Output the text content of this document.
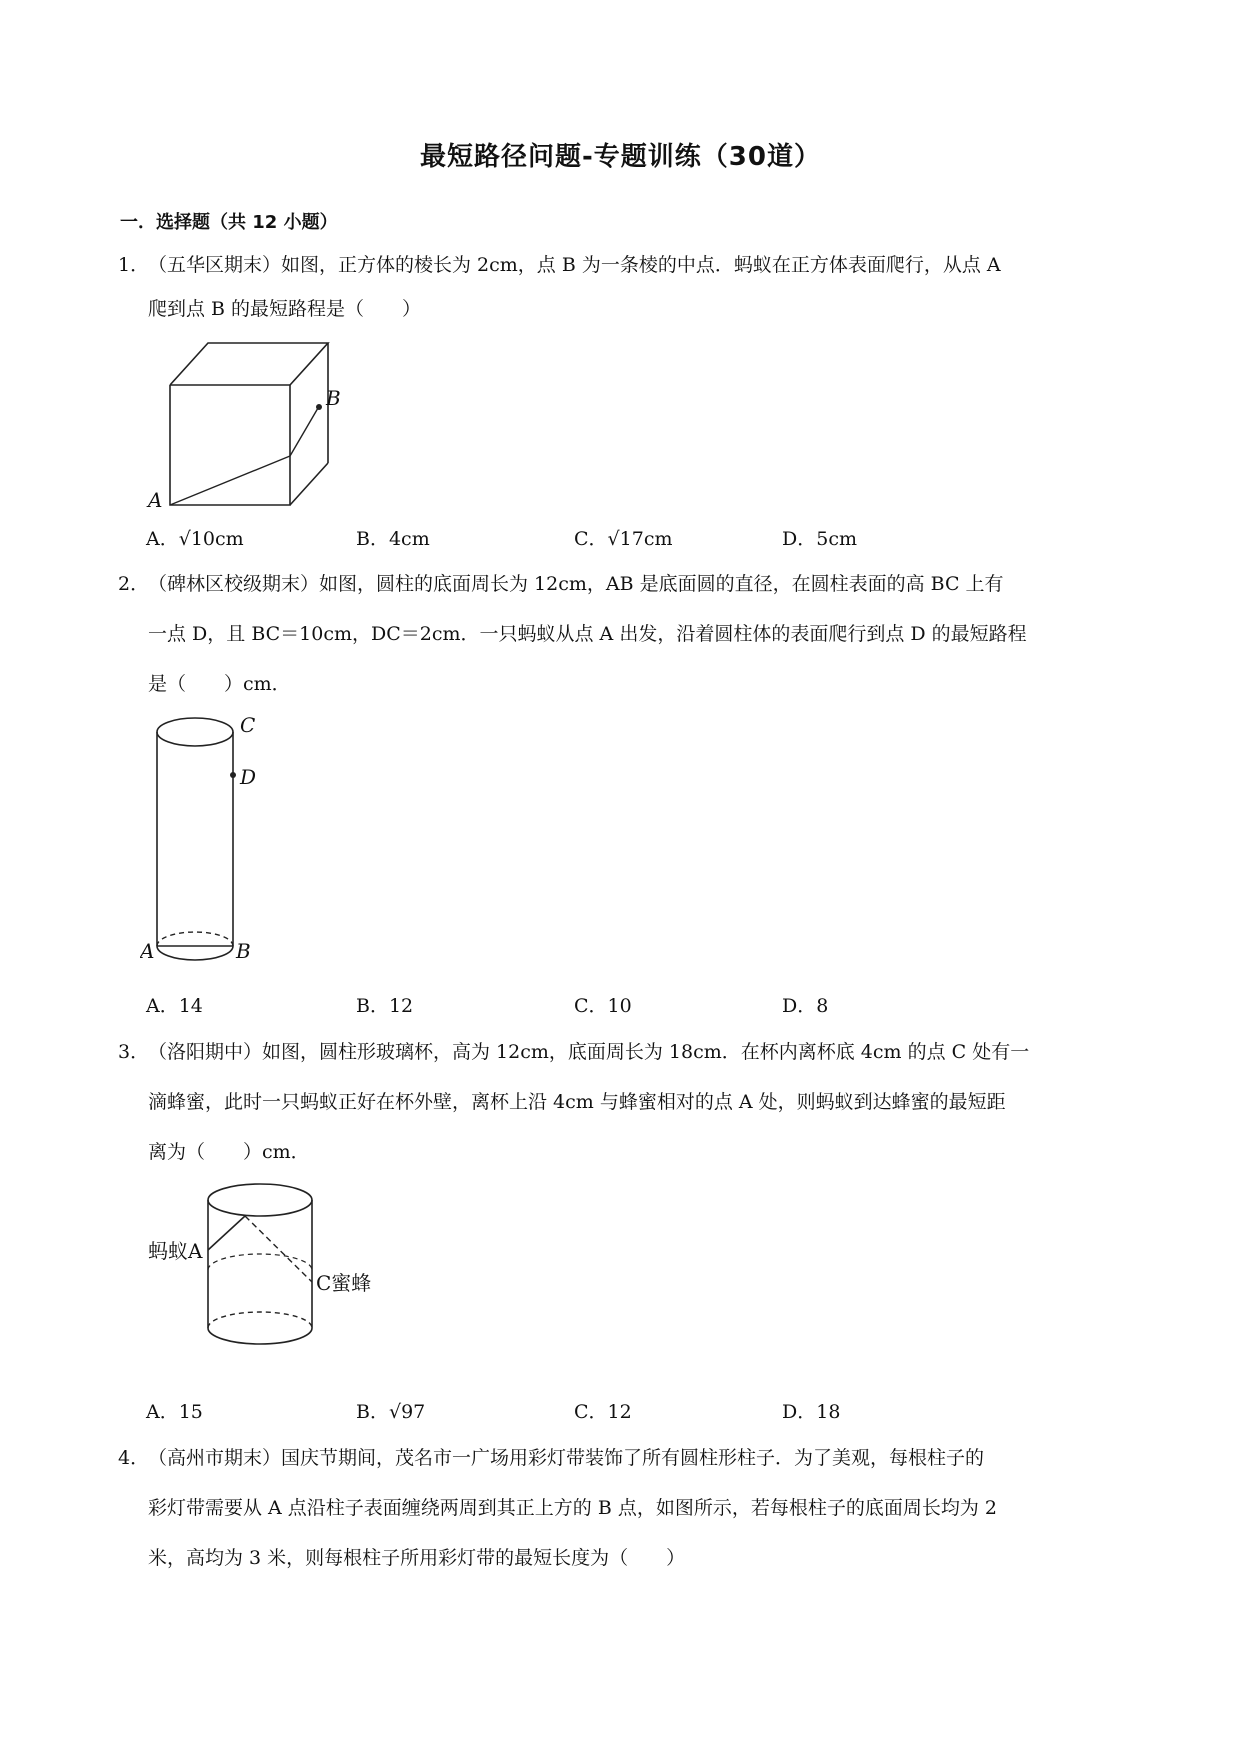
最短路径问题-专题训练（30道）
一．选择题（共 12 小题）
1．（五华区期末）如图，正方体的棱长为 2cm，点 B 为一条棱的中点．蚂蚁在正方体表面爬行，从点 A
爬到点 B 的最短路程是（　　）
A
B
A．√10cm	B．4cm	C．√17cm	D．5cm
2．（碑林区校级期末）如图，圆柱的底面周长为 12cm，AB 是底面圆的直径，在圆柱表面的高 BC 上有
一点 D，且 BC＝10cm，DC＝2cm．一只蚂蚁从点 A 出发，沿着圆柱体的表面爬行到点 D 的最短路程
是（　　）cm．
C
D
A	B
A．14	B．12	C．10	D．8
3．（洛阳期中）如图，圆柱形玻璃杯，高为 12cm，底面周长为 18cm．在杯内离杯底 4cm 的点 C 处有一
滴蜂蜜，此时一只蚂蚁正好在杯外壁，离杯上沿 4cm 与蜂蜜相对的点 A 处，则蚂蚁到达蜂蜜的最短距
离为（　　）cm．
蚂蚁A
C蜜蜂
A．15	B．√97	C．12	D．18
4．（高州市期末）国庆节期间，茂名市一广场用彩灯带装饰了所有圆柱形柱子．为了美观，每根柱子的
彩灯带需要从 A 点沿柱子表面缠绕两周到其正上方的 B 点，如图所示，若每根柱子的底面周长均为 2
米，高均为 3 米，则每根柱子所用彩灯带的最短长度为（　　）
